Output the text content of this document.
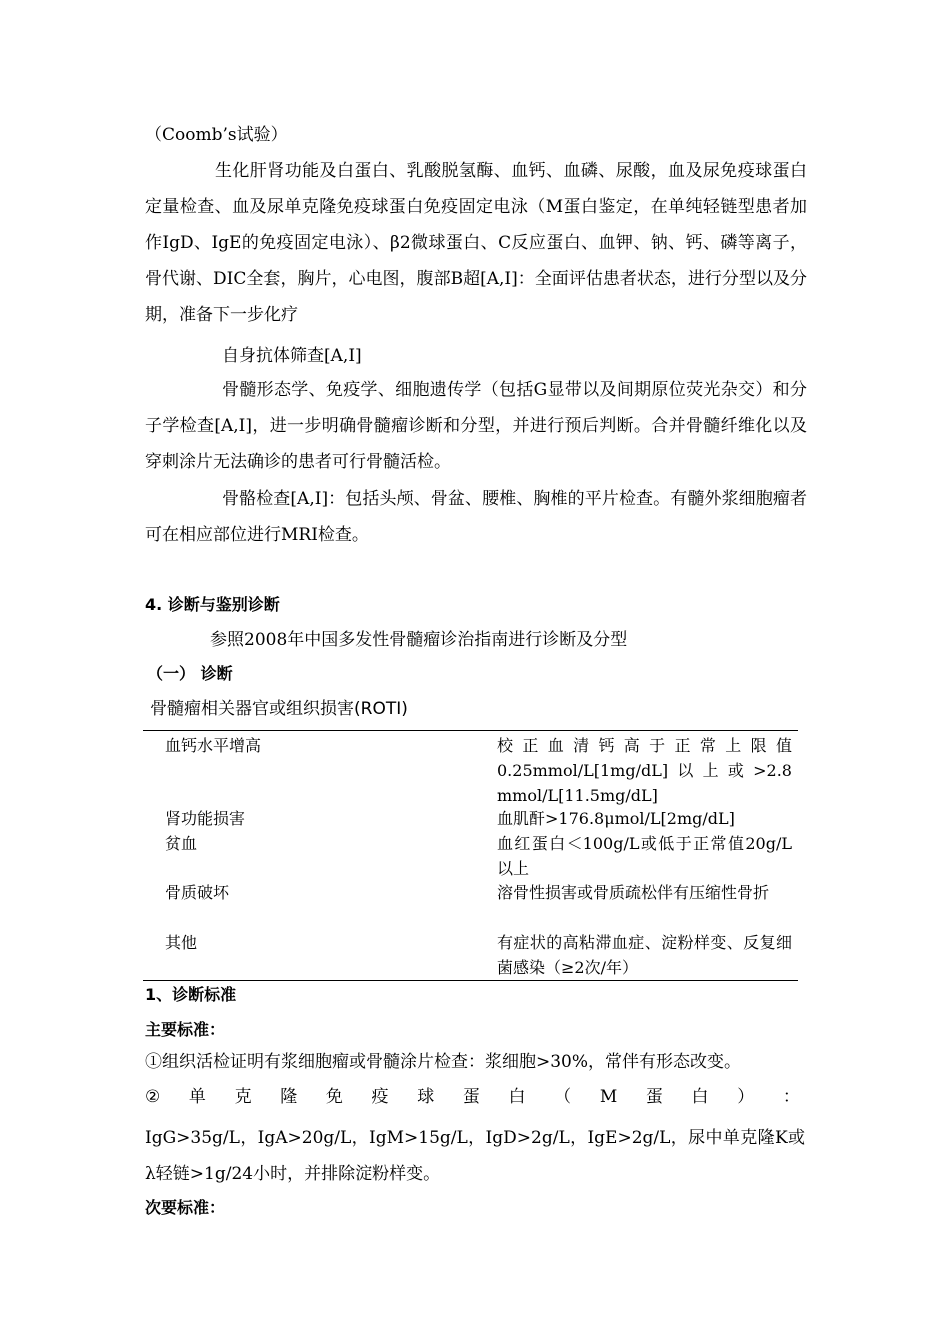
（Coomb’s试验）

生化肝肾功能及白蛋白、乳酸脱氢酶、血钙、血磷、尿酸，血及尿免疫球蛋白定量检查、血及尿单克隆免疫球蛋白免疫固定电泳（M蛋白鉴定，在单纯轻链型患者加作IgD、IgE的免疫固定电泳）、β2微球蛋白、C反应蛋白、血钾、钠、钙、磷等离子，骨代谢、DIC全套，胸片，心电图，腹部B超[A,I]：全面评估患者状态，进行分型以及分期，准备下一步化疗

自身抗体筛查[A,I]

骨髓形态学、免疫学、细胞遗传学（包括G显带以及间期原位荧光杂交）和分子学检查[A,I]，进一步明确骨髓瘤诊断和分型，并进行预后判断。合并骨髓纤维化以及穿刺涂片无法确诊的患者可行骨髓活检。

骨骼检查[A,I]：包括头颅、骨盆、腰椎、胸椎的平片检查。有髓外浆细胞瘤者可在相应部位进行MRI检查。

4. 诊断与鉴别诊断

参照2008年中国多发性骨髓瘤诊治指南进行诊断及分型

（一） 诊断

骨髓瘤相关器官或组织损害(ROTI)

血钙水平增高	校正血清钙高于正常上限值 0.25mmol/L[1mg/dL]以上或>2.8 mmol/L[11.5mg/dL]

肾功能损害	血肌酐>176.8μmol/L[2mg/dL]

贫血	血红蛋白＜100g/L或低于正常值20g/L以上

骨质破坏	溶骨性损害或骨质疏松伴有压缩性骨折

其他	有症状的高粘滞血症、淀粉样变、反复细菌感染（≥2次/年）

1、诊断标准

主要标准：

①组织活检证明有浆细胞瘤或骨髓涂片检查：浆细胞>30%，常伴有形态改变。

② 单 克 隆 免 疫 球 蛋 白 （ M 蛋 白 ） ：

IgG>35g/L，IgA>20g/L，IgM>15g/L，IgD>2g/L，IgE>2g/L，尿中单克隆K或λ轻链>1g/24小时，并排除淀粉样变。

次要标准：
